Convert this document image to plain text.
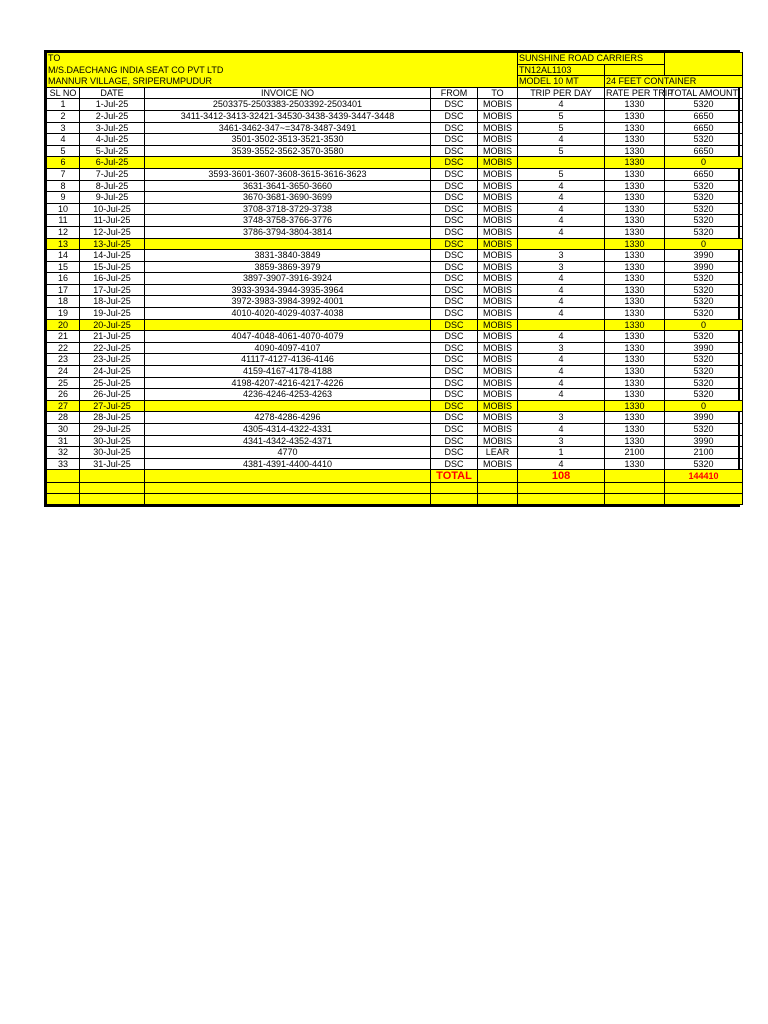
TO					SUNSHINE ROAD CARRIERS		
M/S.DAECHANG INDIA SEAT CO PVT LTD					TN12AL1103		
MANNUR VILLAGE, SRIPERUMPUDUR					MODEL 10 MT	24 FEET CONTAINER	
SL NO	DATE	INVOICE NO	FROM	TO	TRIP PER DAY	RATE PER TRIP	TOTAL AMOUNT
1	1-Jul-25	2503375-2503383-2503392-2503401	DSC	MOBIS	4	1330	5320
2	2-Jul-25	3411-3412-3413-32421-34530-3438-3439-3447-3448	DSC	MOBIS	5	1330	6650
3	3-Jul-25	3461-3462-347~=3478-3487-3491	DSC	MOBIS	5	1330	6650
4	4-Jul-25	3501-3502-3513-3521-3530	DSC	MOBIS	4	1330	5320
5	5-Jul-25	3539-3552-3562-3570-3580	DSC	MOBIS	5	1330	6650
6	6-Jul-25		DSC	MOBIS		1330	0
7	7-Jul-25	3593-3601-3607-3608-3615-3616-3623	DSC	MOBIS	5	1330	6650
8	8-Jul-25	3631-3641-3650-3660	DSC	MOBIS	4	1330	5320
9	9-Jul-25	3670-3681-3690-3699	DSC	MOBIS	4	1330	5320
10	10-Jul-25	3708-3718-3729-3738	DSC	MOBIS	4	1330	5320
11	11-Jul-25	3748-3758-3766-3776	DSC	MOBIS	4	1330	5320
12	12-Jul-25	3786-3794-3804-3814	DSC	MOBIS	4	1330	5320
13	13-Jul-25		DSC	MOBIS		1330	0
14	14-Jul-25	3831-3840-3849	DSC	MOBIS	3	1330	3990
15	15-Jul-25	3859-3869-3979	DSC	MOBIS	3	1330	3990
16	16-Jul-25	3897-3907-3916-3924	DSC	MOBIS	4	1330	5320
17	17-Jul-25	3933-3934-3944-3935-3964	DSC	MOBIS	4	1330	5320
18	18-Jul-25	3972-3983-3984-3992-4001	DSC	MOBIS	4	1330	5320
19	19-Jul-25	4010-4020-4029-4037-4038	DSC	MOBIS	4	1330	5320
20	20-Jul-25		DSC	MOBIS		1330	0
21	21-Jul-25	4047-4048-4061-4070-4079	DSC	MOBIS	4	1330	5320
22	22-Jul-25	4090-4097-4107	DSC	MOBIS	3	1330	3990
23	23-Jul-25	41117-4127-4136-4146	DSC	MOBIS	4	1330	5320
24	24-Jul-25	4159-4167-4178-4188	DSC	MOBIS	4	1330	5320
25	25-Jul-25	4198-4207-4216-4217-4226	DSC	MOBIS	4	1330	5320
26	26-Jul-25	4236-4246-4253-4263	DSC	MOBIS	4	1330	5320
27	27-Jul-25		DSC	MOBIS		1330	0
28	28-Jul-25	4278-4286-4296	DSC	MOBIS	3	1330	3990
30	29-Jul-25	4305-4314-4322-4331	DSC	MOBIS	4	1330	5320
31	30-Jul-25	4341-4342-4352-4371	DSC	MOBIS	3	1330	3990
32	30-Jul-25	4770	DSC	LEAR	1	2100	2100
33	31-Jul-25	4381-4391-4400-4410	DSC	MOBIS	4	1330	5320
			TOTAL		108		144410
